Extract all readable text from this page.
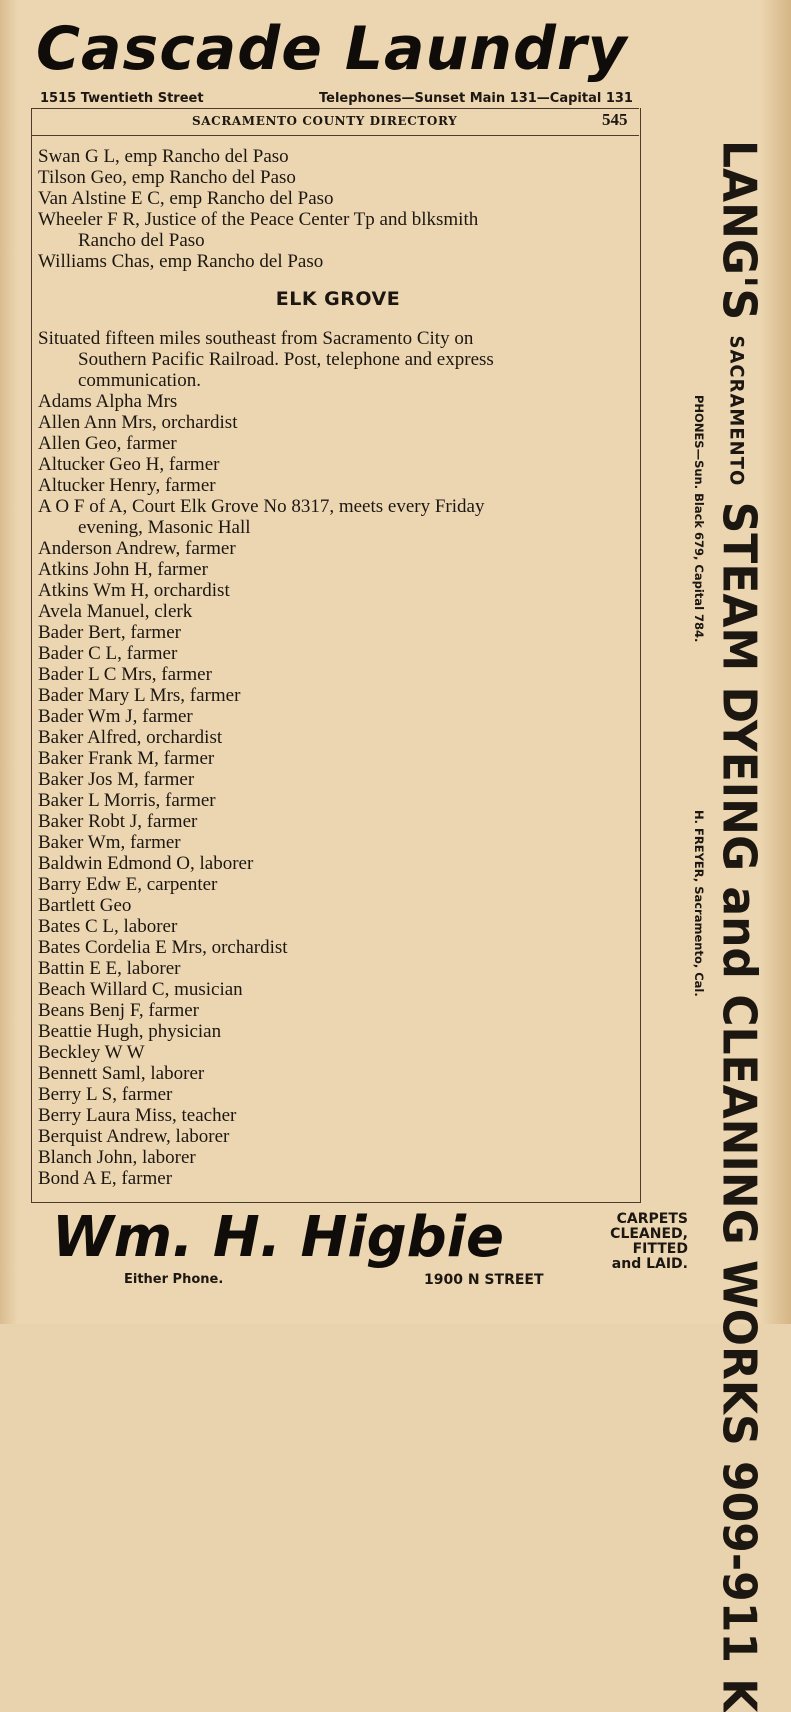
Cascade Laundry
1515 Twentieth Street	Telephones—Sunset Main 131—Capital 131
SACRAMENTO COUNTY DIRECTORY	545
Swan G L, emp Rancho del Paso
Tilson Geo, emp Rancho del Paso
Van Alstine E C, emp Rancho del Paso
Wheeler F R, Justice of the Peace Center Tp and blksmith
Rancho del Paso
Williams Chas, emp Rancho del Paso
ELK GROVE
Situated fifteen miles southeast from Sacramento City on
Southern Pacific Railroad. Post, telephone and express
communication.
Adams Alpha Mrs
Allen Ann Mrs, orchardist
Allen Geo, farmer
Altucker Geo H, farmer
Altucker Henry, farmer
A O F of A, Court Elk Grove No 8317, meets every Friday
evening, Masonic Hall
Anderson Andrew, farmer
Atkins John H, farmer
Atkins Wm H, orchardist
Avela Manuel, clerk
Bader Bert, farmer
Bader C L, farmer
Bader L C Mrs, farmer
Bader Mary L Mrs, farmer
Bader Wm J, farmer
Baker Alfred, orchardist
Baker Frank M, farmer
Baker Jos M, farmer
Baker L Morris, farmer
Baker Robt J, farmer
Baker Wm, farmer
Baldwin Edmond O, laborer
Barry Edw E, carpenter
Bartlett Geo
Bates C L, laborer
Bates Cordelia E Mrs, orchardist
Battin E E, laborer
Beach Willard C, musician
Beans Benj F, farmer
Beattie Hugh, physician
Beckley W W
Bennett Saml, laborer
Berry L S, farmer
Berry Laura Miss, teacher
Berquist Andrew, laborer
Blanch John, laborer
Bond A E, farmer
LANG'S SACRAMENTO STEAM DYEING and CLEANING WORKS 909-911 K
PHONES—Sun. Black 679, Capital 784.
H. FREYER, Sacramento, Cal.
Wm. H. Higbie	CARPETS
CLEANED,
FITTED
and LAID.
Either Phone.	1900 N STREET
